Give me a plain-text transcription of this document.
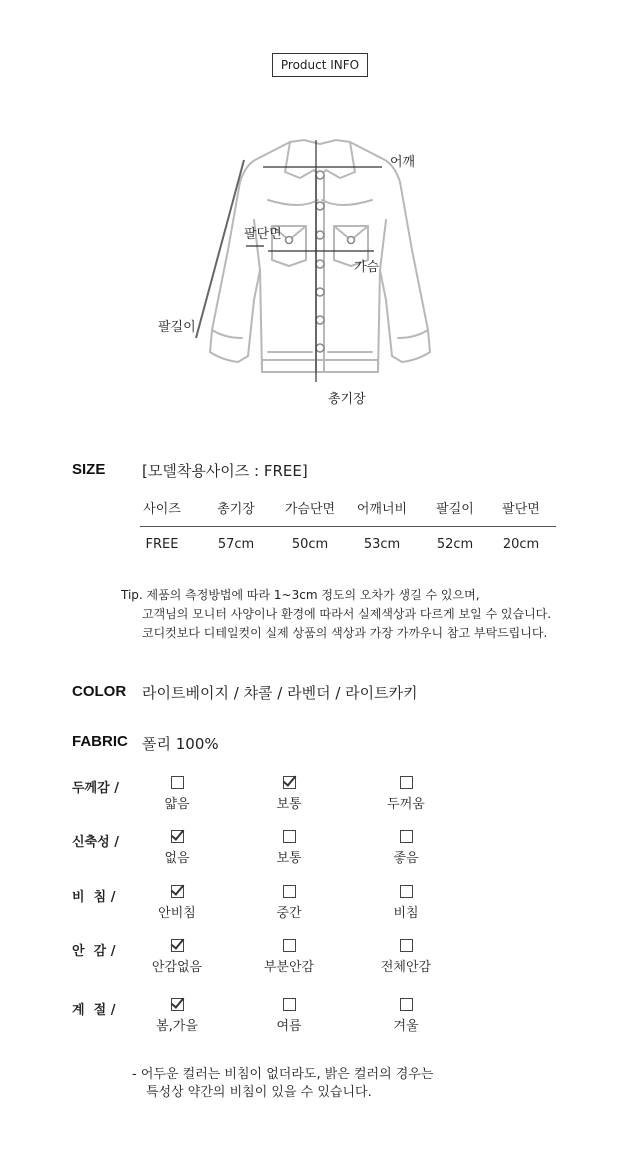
Product INFO
어깨
팔단면
가슴
팔길이
총기장
SIZE [모델착용사이즈 : FREE]
사이즈	총기장	가슴단면	어깨너비	팔길이	팔단면
FREE	57cm	50cm	53cm	52cm	20cm
Tip. 제품의 측정방법에 따라 1~3cm 정도의 오차가 생길 수 있으며,
고객님의 모니터 사양이나 환경에 따라서 실제색상과 다르게 보일 수 있습니다.
코디컷보다 디테일컷이 실제 상품의 색상과 가장 가까우니 참고 부탁드립니다.
COLOR 라이트베이지 / 챠콜 / 라벤더 / 라이트카키
FABRIC 폴리 100%
두께감 /
얇음	보통	두꺼움
신축성 /
없음	보통	좋음
비  침 /
안비침	중간	비침
안  감 /
안감없음	부분안감	전체안감
계  절 /
봄,가을	여름	겨울
- 어두운 컬러는 비침이 없더라도, 밝은 컬러의 경우는
특성상 약간의 비침이 있을 수 있습니다.
